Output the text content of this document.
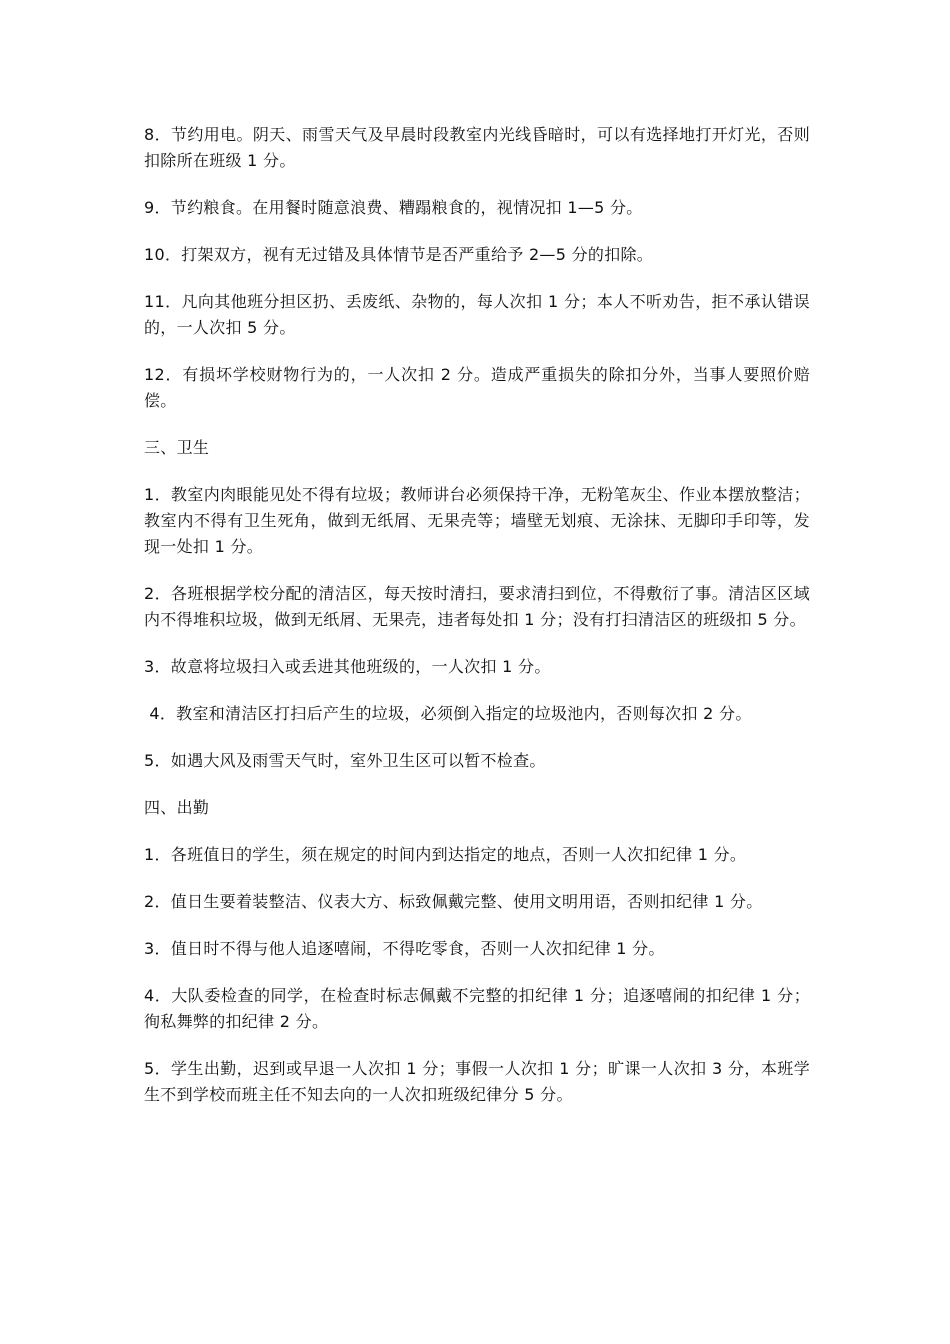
8．节约用电。阴天、雨雪天气及早晨时段教室内光线昏暗时，可以有选择地打开灯光，否则扣除所在班级 1 分。

9．节约粮食。在用餐时随意浪费、糟蹋粮食的，视情况扣 1—5 分。

10．打架双方，视有无过错及具体情节是否严重给予 2—5 分的扣除。

11．凡向其他班分担区扔、丢废纸、杂物的，每人次扣 1 分；本人不听劝告，拒不承认错误的，一人次扣 5 分。

12．有损坏学校财物行为的，一人次扣 2 分。造成严重损失的除扣分外，当事人要照价赔偿。

三、卫生

1．教室内肉眼能见处不得有垃圾；教师讲台必须保持干净，无粉笔灰尘、作业本摆放整洁；教室内不得有卫生死角，做到无纸屑、无果壳等；墙壁无划痕、无涂抹、无脚印手印等，发现一处扣 1 分。

2．各班根据学校分配的清洁区，每天按时清扫，要求清扫到位，不得敷衍了事。清洁区区域内不得堆积垃圾，做到无纸屑、无果壳，违者每处扣 1 分；没有打扫清洁区的班级扣 5 分。

3．故意将垃圾扫入或丢进其他班级的，一人次扣 1 分。

4．教室和清洁区打扫后产生的垃圾，必须倒入指定的垃圾池内，否则每次扣 2 分。

5．如遇大风及雨雪天气时，室外卫生区可以暂不检查。

四、出勤

1．各班值日的学生，须在规定的时间内到达指定的地点，否则一人次扣纪律 1 分。

2．值日生要着装整洁、仪表大方、标致佩戴完整、使用文明用语，否则扣纪律 1 分。

3．值日时不得与他人追逐嘻闹，不得吃零食，否则一人次扣纪律 1 分。

4．大队委检查的同学，在检查时标志佩戴不完整的扣纪律 1 分；追逐嘻闹的扣纪律 1 分；徇私舞弊的扣纪律 2 分。

5．学生出勤，迟到或早退一人次扣 1 分；事假一人次扣 1 分；旷课一人次扣 3 分，本班学生不到学校而班主任不知去向的一人次扣班级纪律分 5 分。
